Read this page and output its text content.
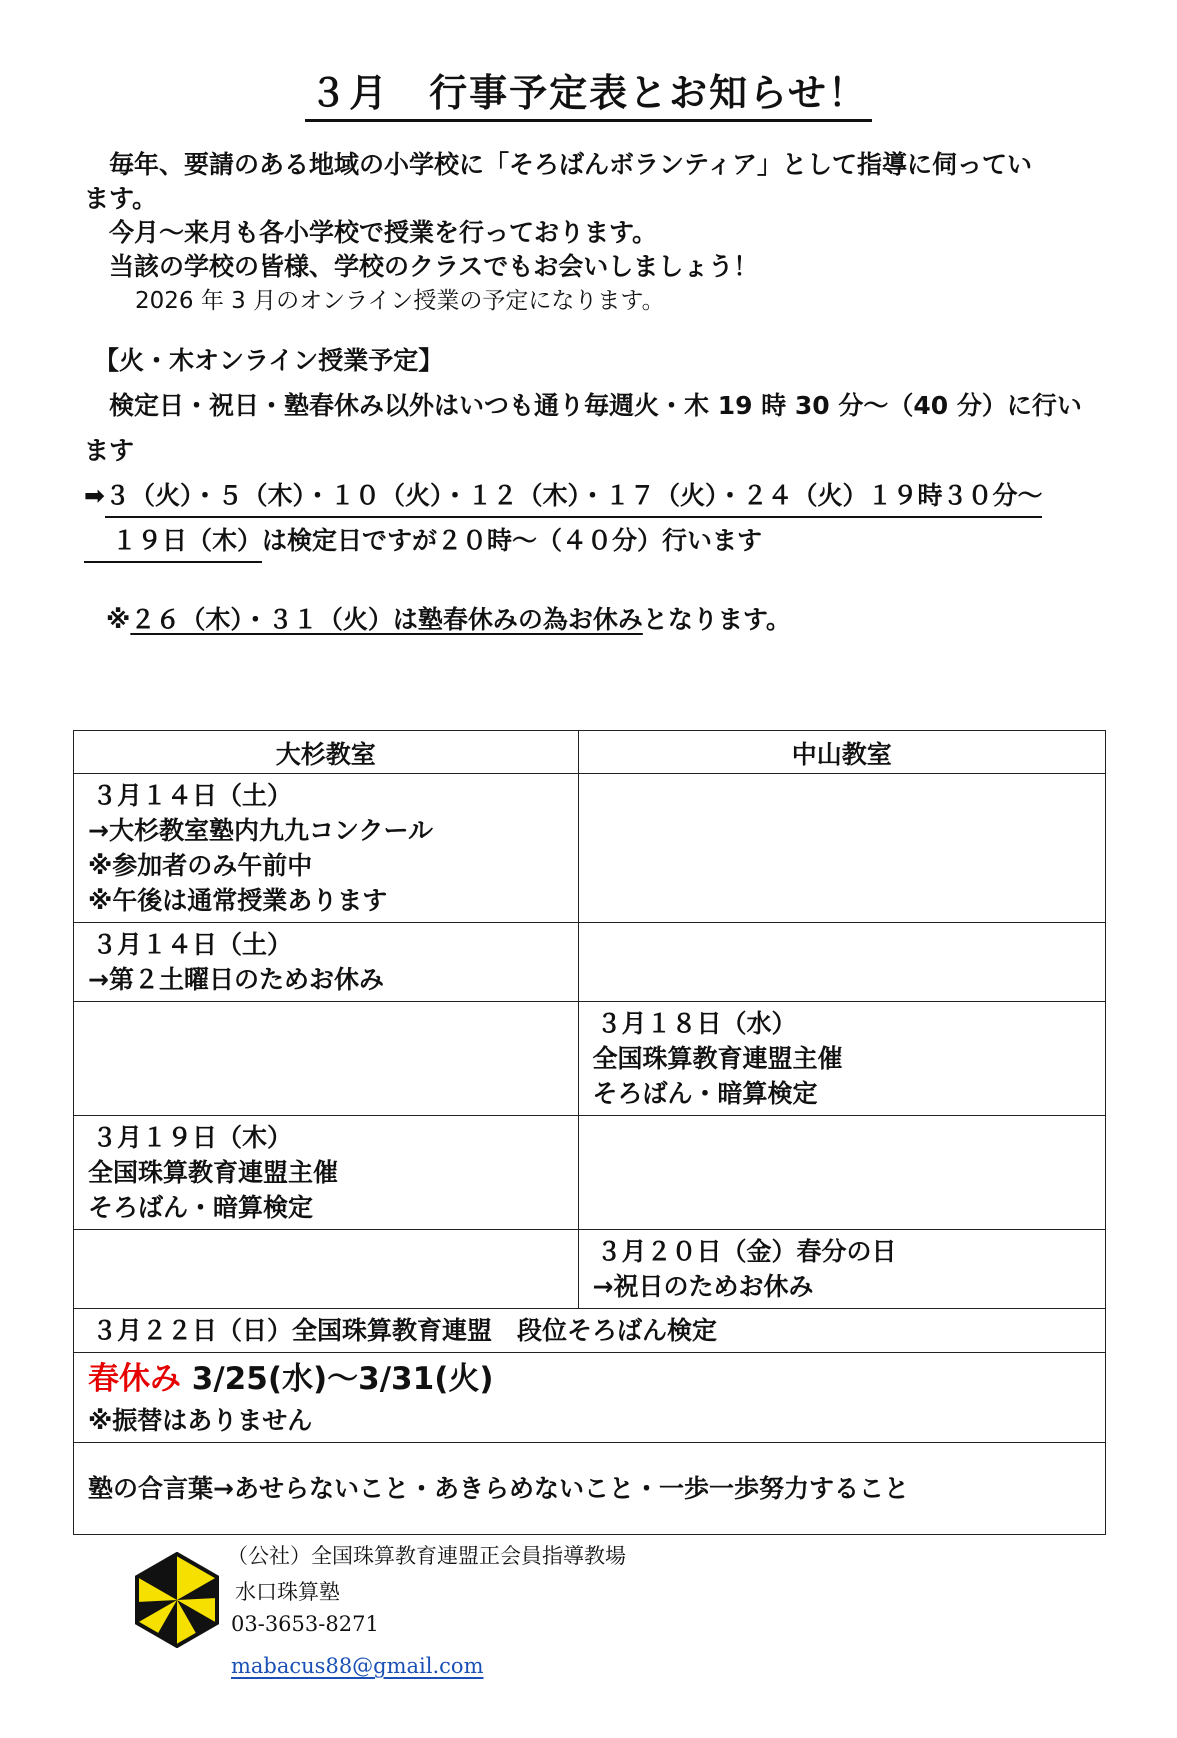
３月　行事予定表とお知らせ！

毎年、要請のある地域の小学校に「そろばんボランティア」として指導に伺ってい

ます。

今月～来月も各小学校で授業を行っております。

当該の学校の皆様、学校のクラスでもお会いしましょう！

2026 年 3 月のオンライン授業の予定になります。

【火・木オンライン授業予定】

検定日・祝日・塾春休み以外はいつも通り毎週火・木 19 時 30 分～（40 分）に行い

ます

➡３（火）・５（木）・１０（火）・１２（木）・１７（火）・２４（火）１９時３０分～

１９日（木）は検定日ですが２０時～（４０分）行います

※２６（木）・３１（火）は塾春休みの為お休みとなります。

大杉教室	中山教室

３月１４日（土）
→大杉教室塾内九九コンクール
※参加者のみ午前中
※午後は通常授業あります	

３月１４日（土）
→第２土曜日のためお休み	

	３月１８日（水）
全国珠算教育連盟主催
そろばん・暗算検定

３月１９日（木）
全国珠算教育連盟主催
そろばん・暗算検定	

	３月２０日（金）春分の日
→祝日のためお休み

３月２２日（日）全国珠算教育連盟　段位そろばん検定	

春休み 3/25(水)～3/31(火)
※振替はありません	

塾の合言葉→あせらないこと・あきらめないこと・一歩一歩努力すること	
（公社）全国珠算教育連盟正会員指導教場
水口珠算塾
03-3653-8271
mabacus88@gmail.com
